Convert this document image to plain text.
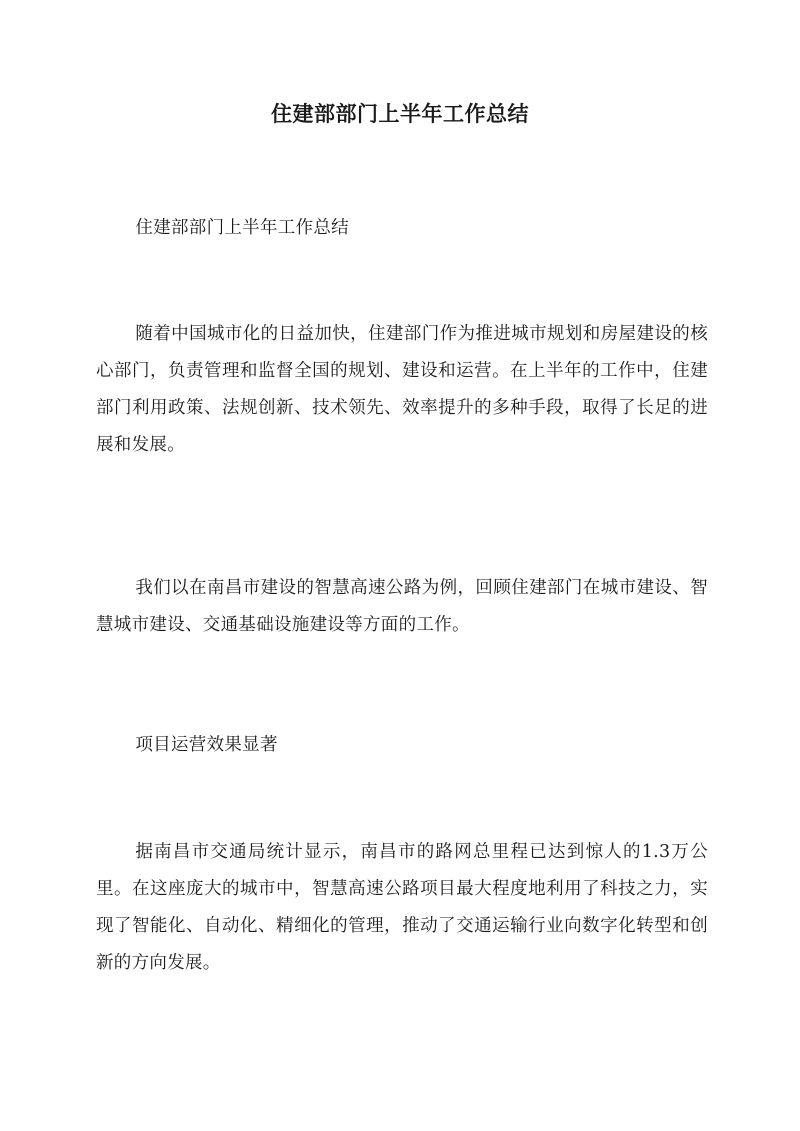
住建部部门上半年工作总结
住建部部门上半年工作总结
随着中国城市化的日益加快，住建部门作为推进城市规划和房屋建设的核心部门，负责管理和监督全国的规划、建设和运营。在上半年的工作中，住建部门利用政策、法规创新、技术领先、效率提升的多种手段，取得了长足的进展和发展。
我们以在南昌市建设的智慧高速公路为例，回顾住建部门在城市建设、智慧城市建设、交通基础设施建设等方面的工作。
项目运营效果显著
据南昌市交通局统计显示，南昌市的路网总里程已达到惊人的1.3万公里。在这座庞大的城市中，智慧高速公路项目最大程度地利用了科技之力，实现了智能化、自动化、精细化的管理，推动了交通运输行业向数字化转型和创新的方向发展。
